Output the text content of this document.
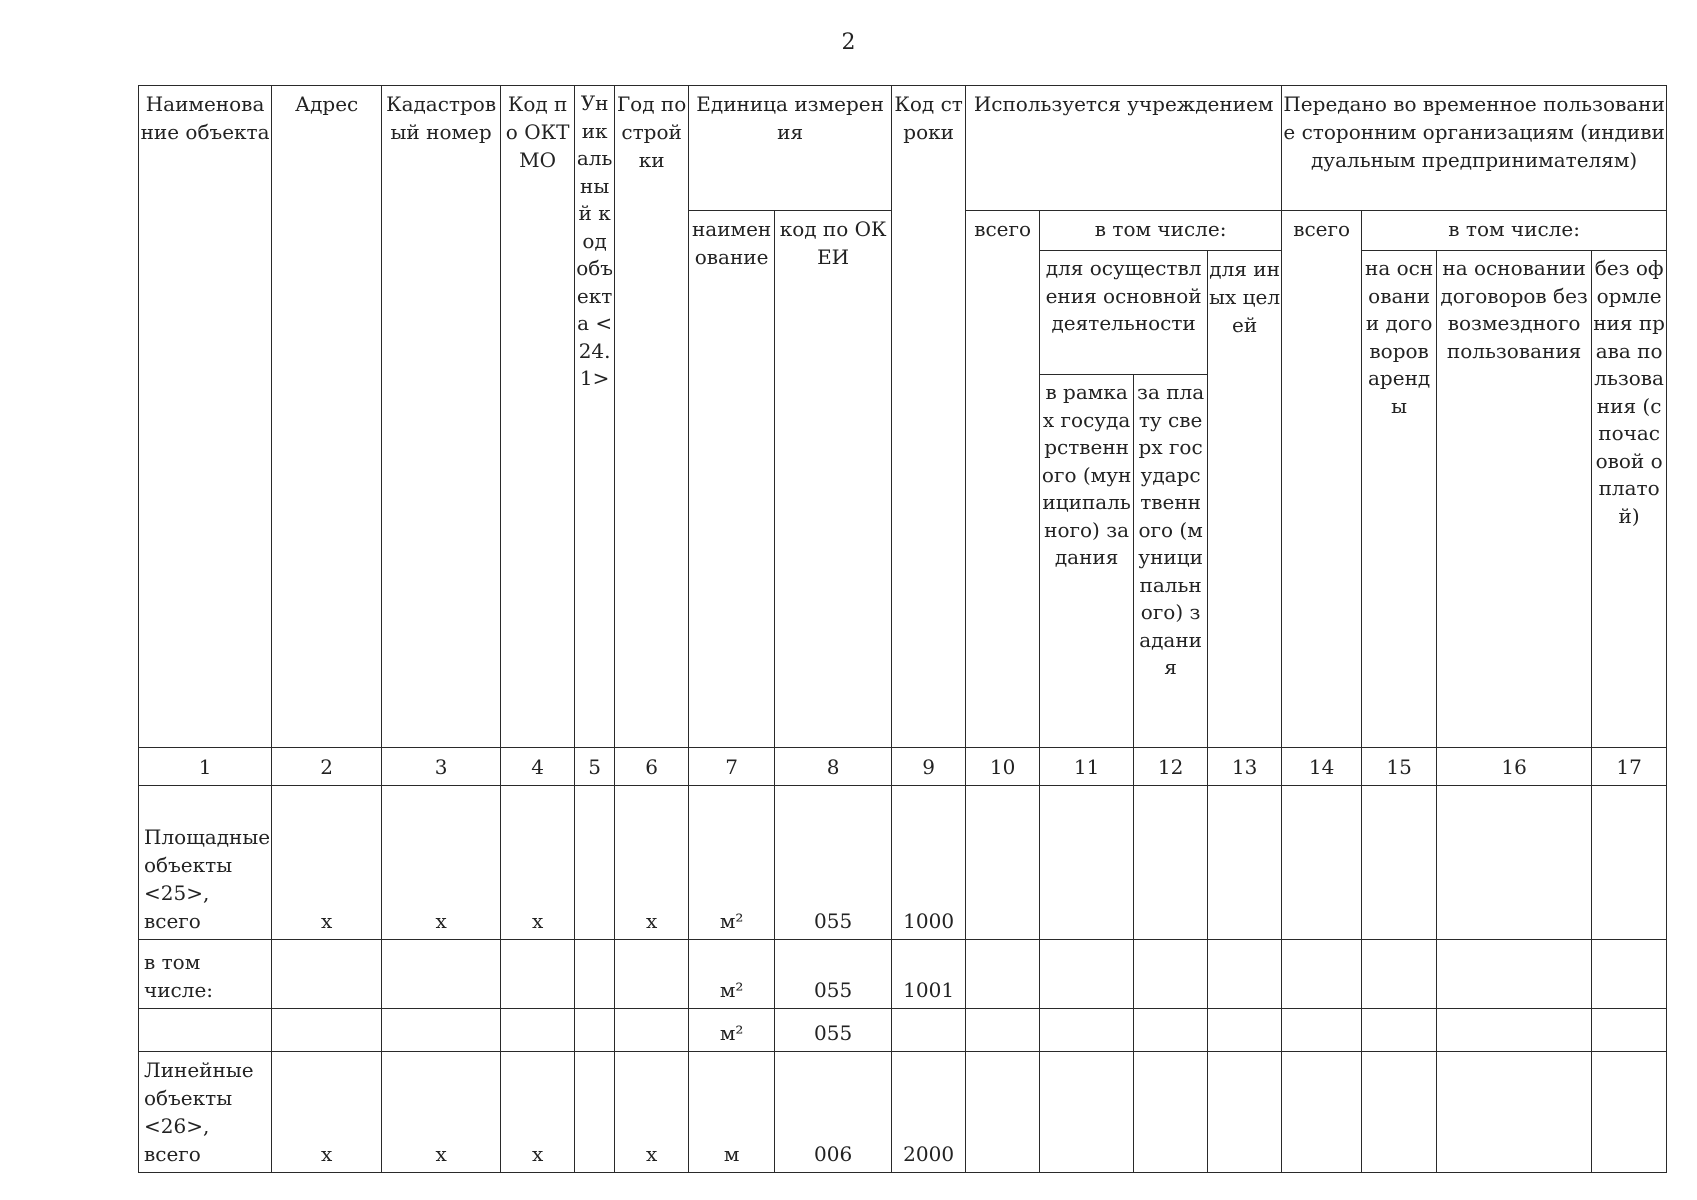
2
Наименование объекта	Адрес	Кадастровый номер	Код по ОКТМО	Уникальный код объекта <24.1>	Год постройки	Единица измерения		Код строки	Используется учреждением				Передано во временное пользование сторонним организациям (индивидуальным предпринимателям)			
						наименование	код по ОКЕИ		всего	в том числе:			всего	в том числе:		
										для осуществления основной деятельности		для иных целей		на основании договоров аренды	на основании договоров безвозмездного пользования	без оформления права пользования (с почасовой оплатой)
										в рамках государственного (муниципального) задания	за плату сверх государственного (муниципального) задания					
1	2	3	4	5	6	7	8	9	10	11	12	13	14	15	16	17
Площадные объекты <25>, всего	х	х	х		х	м²	055	1000								
в том числе:						м²	055	1001								
						м²	055									
Линейные объекты <26>, всего	х	х	х		х	м	006	2000								
